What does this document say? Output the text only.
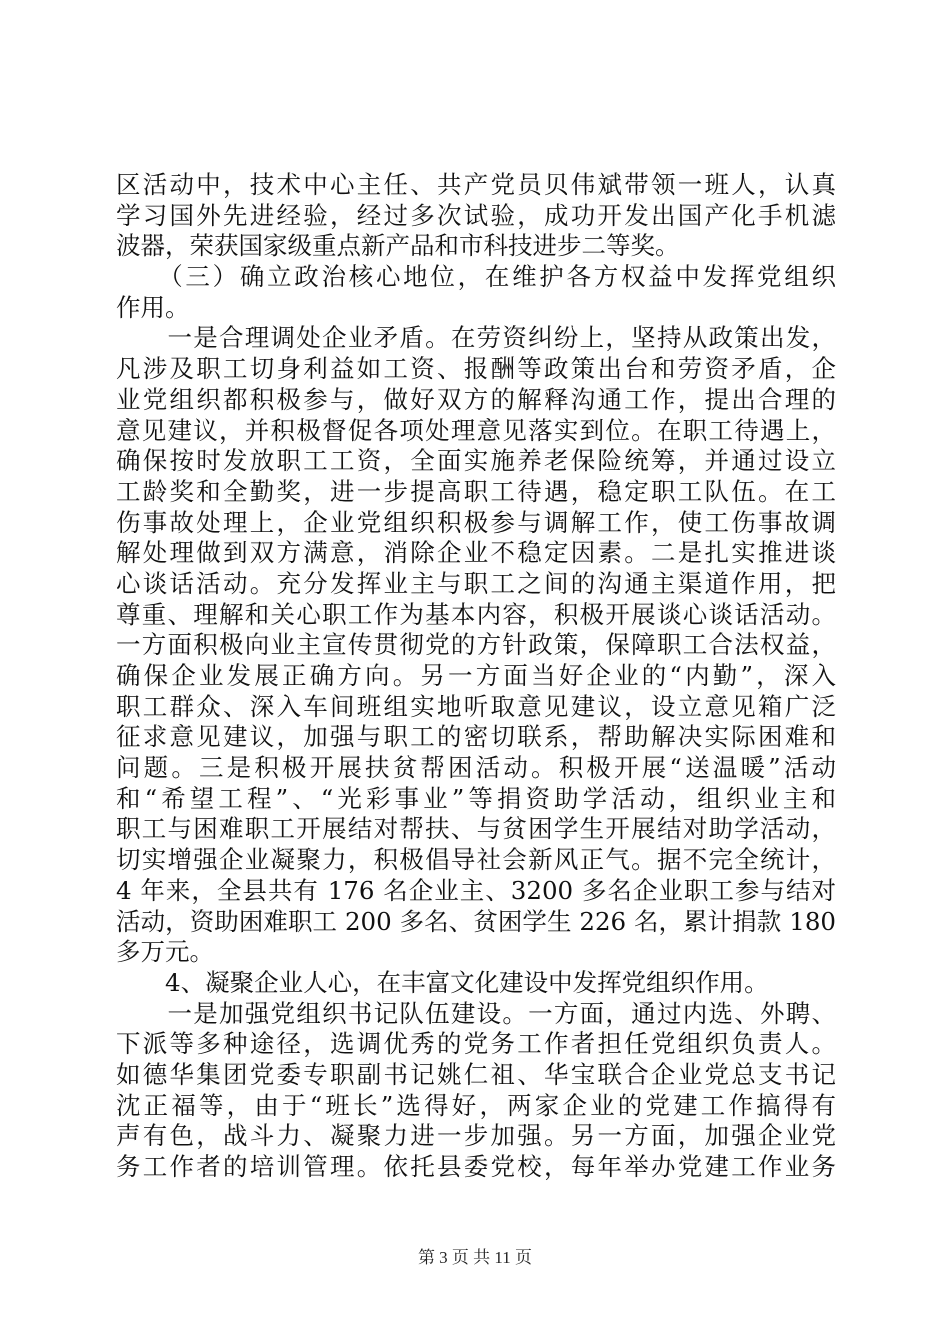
区活动中，技术中心主任、共产党员贝伟斌带领一班人，认真
学习国外先进经验，经过多次试验，成功开发出国产化手机滤
波器，荣获国家级重点新产品和市科技进步二等奖。
　　（三）确立政治核心地位，在维护各方权益中发挥党组织
作用。
　　一是合理调处企业矛盾。在劳资纠纷上，坚持从政策出发，
凡涉及职工切身利益如工资、报酬等政策出台和劳资矛盾，企
业党组织都积极参与，做好双方的解释沟通工作，提出合理的
意见建议，并积极督促各项处理意见落实到位。在职工待遇上，
确保按时发放职工工资，全面实施养老保险统筹，并通过设立
工龄奖和全勤奖，进一步提高职工待遇，稳定职工队伍。在工
伤事故处理上，企业党组织积极参与调解工作，使工伤事故调
解处理做到双方满意，消除企业不稳定因素。二是扎实推进谈
心谈话活动。充分发挥业主与职工之间的沟通主渠道作用，把
尊重、理解和关心职工作为基本内容，积极开展谈心谈话活动。
一方面积极向业主宣传贯彻党的方针政策，保障职工合法权益，
确保企业发展正确方向。另一方面当好企业的“内勤”，深入
职工群众、深入车间班组实地听取意见建议，设立意见箱广泛
征求意见建议，加强与职工的密切联系，帮助解决实际困难和
问题。三是积极开展扶贫帮困活动。积极开展“送温暖”活动
和“希望工程”、“光彩事业”等捐资助学活动，组织业主和
职工与困难职工开展结对帮扶、与贫困学生开展结对助学活动，
切实增强企业凝聚力，积极倡导社会新风正气。据不完全统计，
4 年来，全县共有 176 名企业主、3200 多名企业职工参与结对
活动，资助困难职工 200 多名、贫困学生 226 名，累计捐款 180
多万元。
　　4、凝聚企业人心，在丰富文化建设中发挥党组织作用。
　　一是加强党组织书记队伍建设。一方面，通过内选、外聘、
下派等多种途径，选调优秀的党务工作者担任党组织负责人。
如德华集团党委专职副书记姚仁祖、华宝联合企业党总支书记
沈正福等，由于“班长”选得好，两家企业的党建工作搞得有
声有色，战斗力、凝聚力进一步加强。另一方面，加强企业党
务工作者的培训管理。依托县委党校，每年举办党建工作业务
第 3 页 共 11 页
